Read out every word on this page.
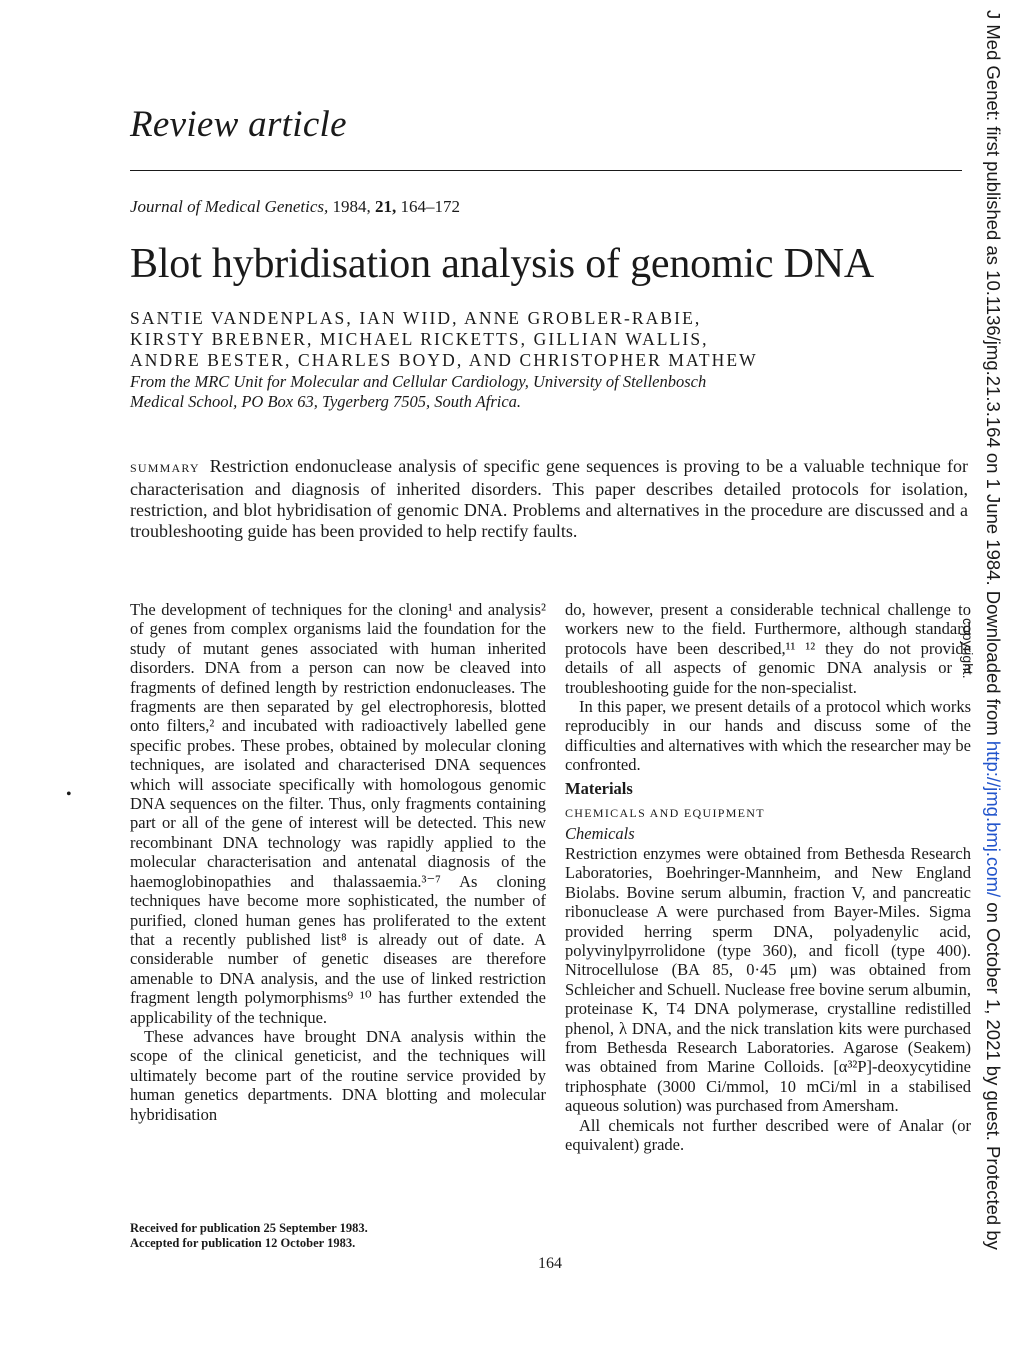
Review article
Journal of Medical Genetics, 1984, 21, 164–172
Blot hybridisation analysis of genomic DNA
SANTIE VANDENPLAS, IAN WIID, ANNE GROBLER-RABIE,
KIRSTY BREBNER, MICHAEL RICKETTS, GILLIAN WALLIS,
ANDRE BESTER, CHARLES BOYD, AND CHRISTOPHER MATHEW
From the MRC Unit for Molecular and Cellular Cardiology, University of Stellenbosch
Medical School, PO Box 63, Tygerberg 7505, South Africa.
SUMMARY Restriction endonuclease analysis of specific gene sequences is proving to be a valuable technique for characterisation and diagnosis of inherited disorders. This paper describes detailed protocols for isolation, restriction, and blot hybridisation of genomic DNA. Problems and alternatives in the procedure are discussed and a troubleshooting guide has been provided to help rectify faults.

The development of techniques for the cloning¹ and analysis² of genes from complex organisms laid the foundation for the study of mutant genes associated with human inherited disorders. DNA from a person can now be cleaved into fragments of defined length by restriction endonucleases. The fragments are then separated by gel electrophoresis, blotted onto filters,² and incubated with radioactively labelled gene specific probes. These probes, obtained by molecular cloning techniques, are isolated and characterised DNA sequences which will associate specifically with homologous genomic DNA sequences on the filter. Thus, only fragments containing part or all of the gene of interest will be detected. This new recombinant DNA technology was rapidly applied to the molecular characterisation and antenatal diagnosis of the haemoglobinopathies and thalassaemia.³⁻⁷ As cloning techniques have become more sophisticated, the number of purified, cloned human genes has proliferated to the extent that a recently published list⁸ is already out of date. A considerable number of genetic diseases are therefore amenable to DNA analysis, and the use of linked restriction fragment length polymorphisms⁹ ¹⁰ has further extended the applicability of the technique.

These advances have brought DNA analysis within the scope of the clinical geneticist, and the techniques will ultimately become part of the routine service provided by human genetics departments. DNA blotting and molecular hybridisation

do, however, present a considerable technical challenge to workers new to the field. Furthermore, although standard protocols have been described,¹¹ ¹² they do not provide details of all aspects of genomic DNA analysis or a troubleshooting guide for the non-specialist.

In this paper, we present details of a protocol which works reproducibly in our hands and discuss some of the difficulties and alternatives with which the researcher may be confronted.

Materials
CHEMICALS AND EQUIPMENT

Chemicals

Restriction enzymes were obtained from Bethesda Research Laboratories, Boehringer-Mannheim, and New England Biolabs. Bovine serum albumin, fraction V, and pancreatic ribonuclease A were purchased from Bayer-Miles. Sigma provided herring sperm DNA, polyadenylic acid, polyvinylpyrrolidone (type 360), and ficoll (type 400). Nitrocellulose (BA 85, 0·45 μm) was obtained from Schleicher and Schuell. Nuclease free bovine serum albumin, proteinase K, T4 DNA polymerase, crystalline redistilled phenol, λ DNA, and the nick translation kits were purchased from Bethesda Research Laboratories. Agarose (Seakem) was obtained from Marine Colloids. [α³²P]-deoxycytidine triphosphate (3000 Ci/mmol, 10 mCi/ml in a stabilised aqueous solution) was purchased from Amersham.

All chemicals not further described were of Analar (or equivalent) grade.

Received for publication 25 September 1983.
Accepted for publication 12 October 1983.
164
•
J Med Genet: first published as 10.1136/jmg.21.3.164 on 1 June 1984. Downloaded from http://jmg.bmj.com/ on October 1, 2021 by guest. Protected by
copyright.
